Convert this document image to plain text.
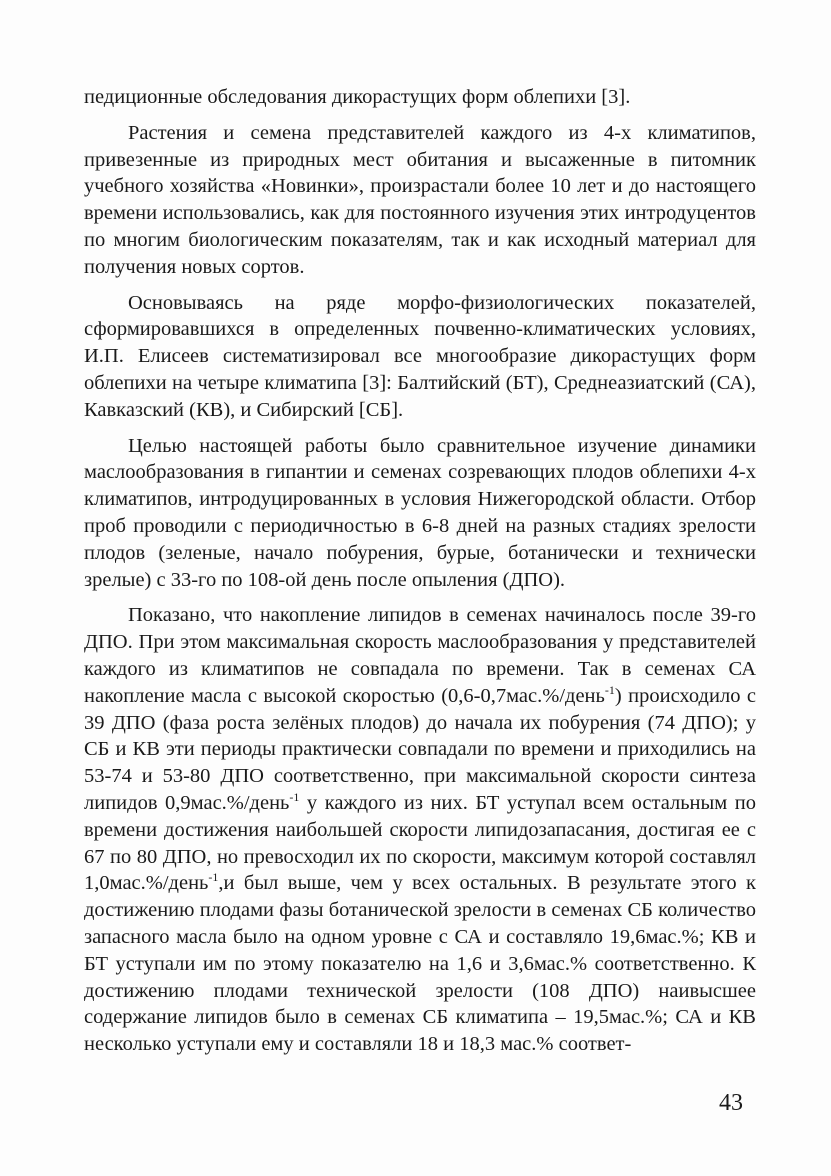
педиционные обследования дикорастущих форм облепихи [3].

Растения и семена представителей каждого из 4-х климатипов, привезенные из природных мест обитания и высаженные в питомник учебного хозяйства «Новинки», произрастали более 10 лет и до настоящего времени использовались, как для постоянного изучения этих интродуцентов по многим биологическим показателям, так и как исходный материал для получения новых сортов.

Основываясь на ряде морфо-физиологических показателей, сформировавшихся в определенных почвенно-климатических условиях, И.П. Елисеев систематизировал все многообразие дикорастущих форм облепихи на четыре климатипа [3]: Балтийский (БТ), Среднеазиатский (СА), Кавказский (КВ), и Сибирский [СБ].

Целью настоящей работы было сравнительное изучение динамики маслообразования в гипантии и семенах созревающих плодов облепихи 4-х климатипов, интродуцированных в условия Нижегородской области. Отбор проб проводили с периодичностью в 6-8 дней на разных стадиях зрелости плодов (зеленые, начало побурения, бурые, ботанически и технически зрелые) с 33-го по 108-ой день после опыления (ДПО).

Показано, что накопление липидов в семенах начиналось после 39-го ДПО. При этом максимальная скорость маслообразования у представителей каждого из климатипов не совпадала по времени. Так в семенах СА накопление масла с высокой скоростью (0,6-0,7мас.%/день$^{-1}$) происходило с 39 ДПО (фаза роста зелёных плодов) до начала их побурения (74 ДПО); у СБ и КВ эти периоды практически совпадали по времени и приходились на 53-74 и 53-80 ДПО соответственно, при максимальной скорости синтеза липидов 0,9мас.%/день$^{-1}$ у каждого из них. БТ уступал всем остальным по времени достижения наибольшей скорости липидозапасания, достигая ее с 67 по 80 ДПО, но превосходил их по скорости, максимум которой составлял 1,0мас.%/день$^{-1}$,и был выше, чем у всех остальных. В результате этого к достижению плодами фазы ботанической зрелости в семенах СБ количество запасного масла было на одном уровне с СА и составляло 19,6мас.%; КВ и БТ уступали им по этому показателю на 1,6 и 3,6мас.% соответственно. К достижению плодами технической зрелости (108 ДПО) наивысшее содержание липидов было в семенах СБ климатипа – 19,5мас.%; СА и КВ несколько уступали ему и составляли 18 и 18,3 мас.% соответ-

43
